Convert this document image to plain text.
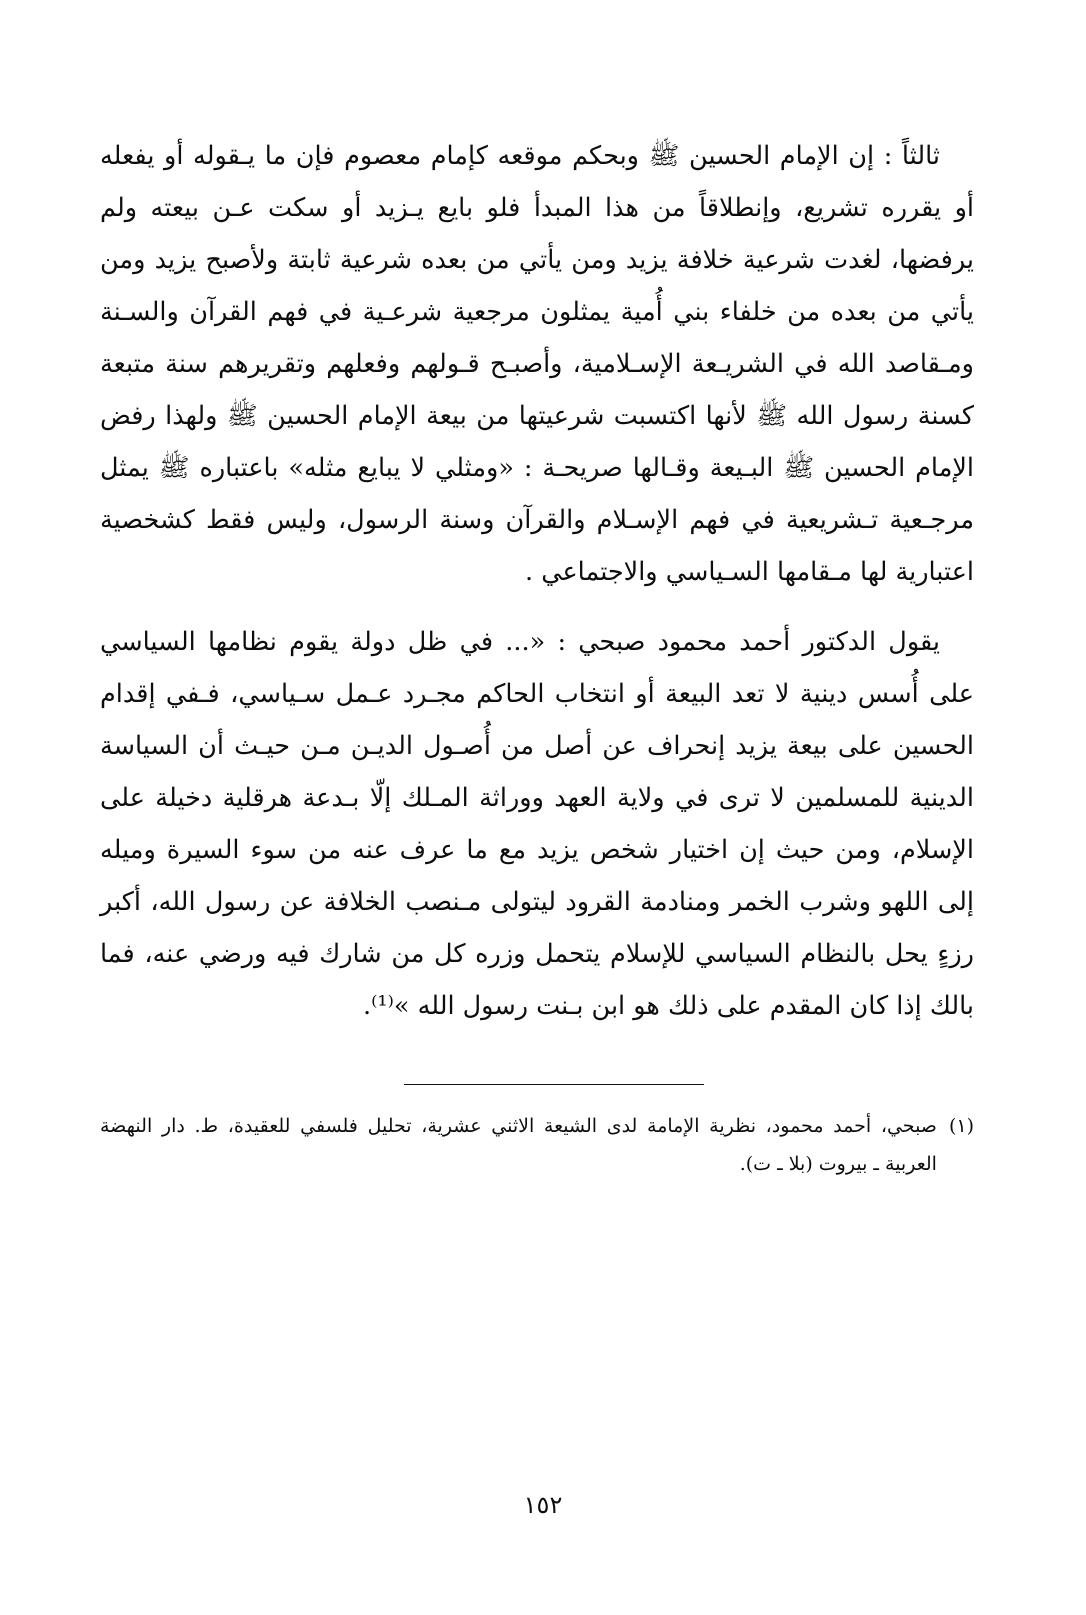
ثالثاً : إن الإمام الحسين ﷺ وبحكم موقعه كإمام معصوم فإن ما يـقوله أو يفعله أو يقرره تشريع، وإنطلاقاً من هذا المبدأ فلو بايع يـزيد أو سكت عـن بيعته ولم يرفضها، لغدت شرعية خلافة يزيد ومن يأتي من بعده شرعية ثابتة ولأصبح يزيد ومن يأتي من بعده من خلفاء بني أُمية يمثلون مرجعية شرعـية في فهم القرآن والسـنة ومـقاصد الله في الشريـعة الإسـلامية، وأصبـح قـولهم وفعلهم وتقريرهم سنة متبعة كسنة رسول الله ﷺ لأنها اكتسبت شرعيتها من بيعة الإمام الحسين ﷺ ولهذا رفض الإمام الحسين ﷺ البـيعة وقـالها صريحـة : «ومثلي لا يبايع مثله» باعتباره ﷺ يمثل مرجـعية تـشريعية في فهم الإسـلام والقرآن وسنة الرسول، وليس فقط كشخصية اعتبارية لها مـقامها السـياسي والاجتماعي .

يقول الدكتور أحمد محمود صبحي : «... في ظل دولة يقوم نظامها السياسي على أُسس دينية لا تعد البيعة أو انتخاب الحاكم مجـرد عـمل سـياسي، فـفي إقدام الحسين على بيعة يزيد إنحراف عن أصل من أُصـول الديـن مـن حيـث أن السياسة الدينية للمسلمين لا ترى في ولاية العهد ووراثة المـلك إلّا بـدعة هرقلية دخيلة على الإسلام، ومن حيث إن اختيار شخص يزيد مع ما عرف عنه من سوء السيرة وميله إلى اللهو وشرب الخمر ومنادمة القرود ليتولى مـنصب الخلافة عن رسول الله، أكبر رزءٍ يحل بالنظام السياسي للإسلام يتحمل وزره كل من شارك فيه ورضي عنه، فما بالك إذا كان المقدم على ذلك هو ابن بـنت رسول الله »⁽¹⁾.

(١)
صبحي، أحمد محمود، نظرية الإمامة لدى الشيعة الاثني عشرية، تحليل فلسفي للعقيدة، ط. دار النهضة العربية ـ بيروت (بلا ـ ت).
١٥٢
